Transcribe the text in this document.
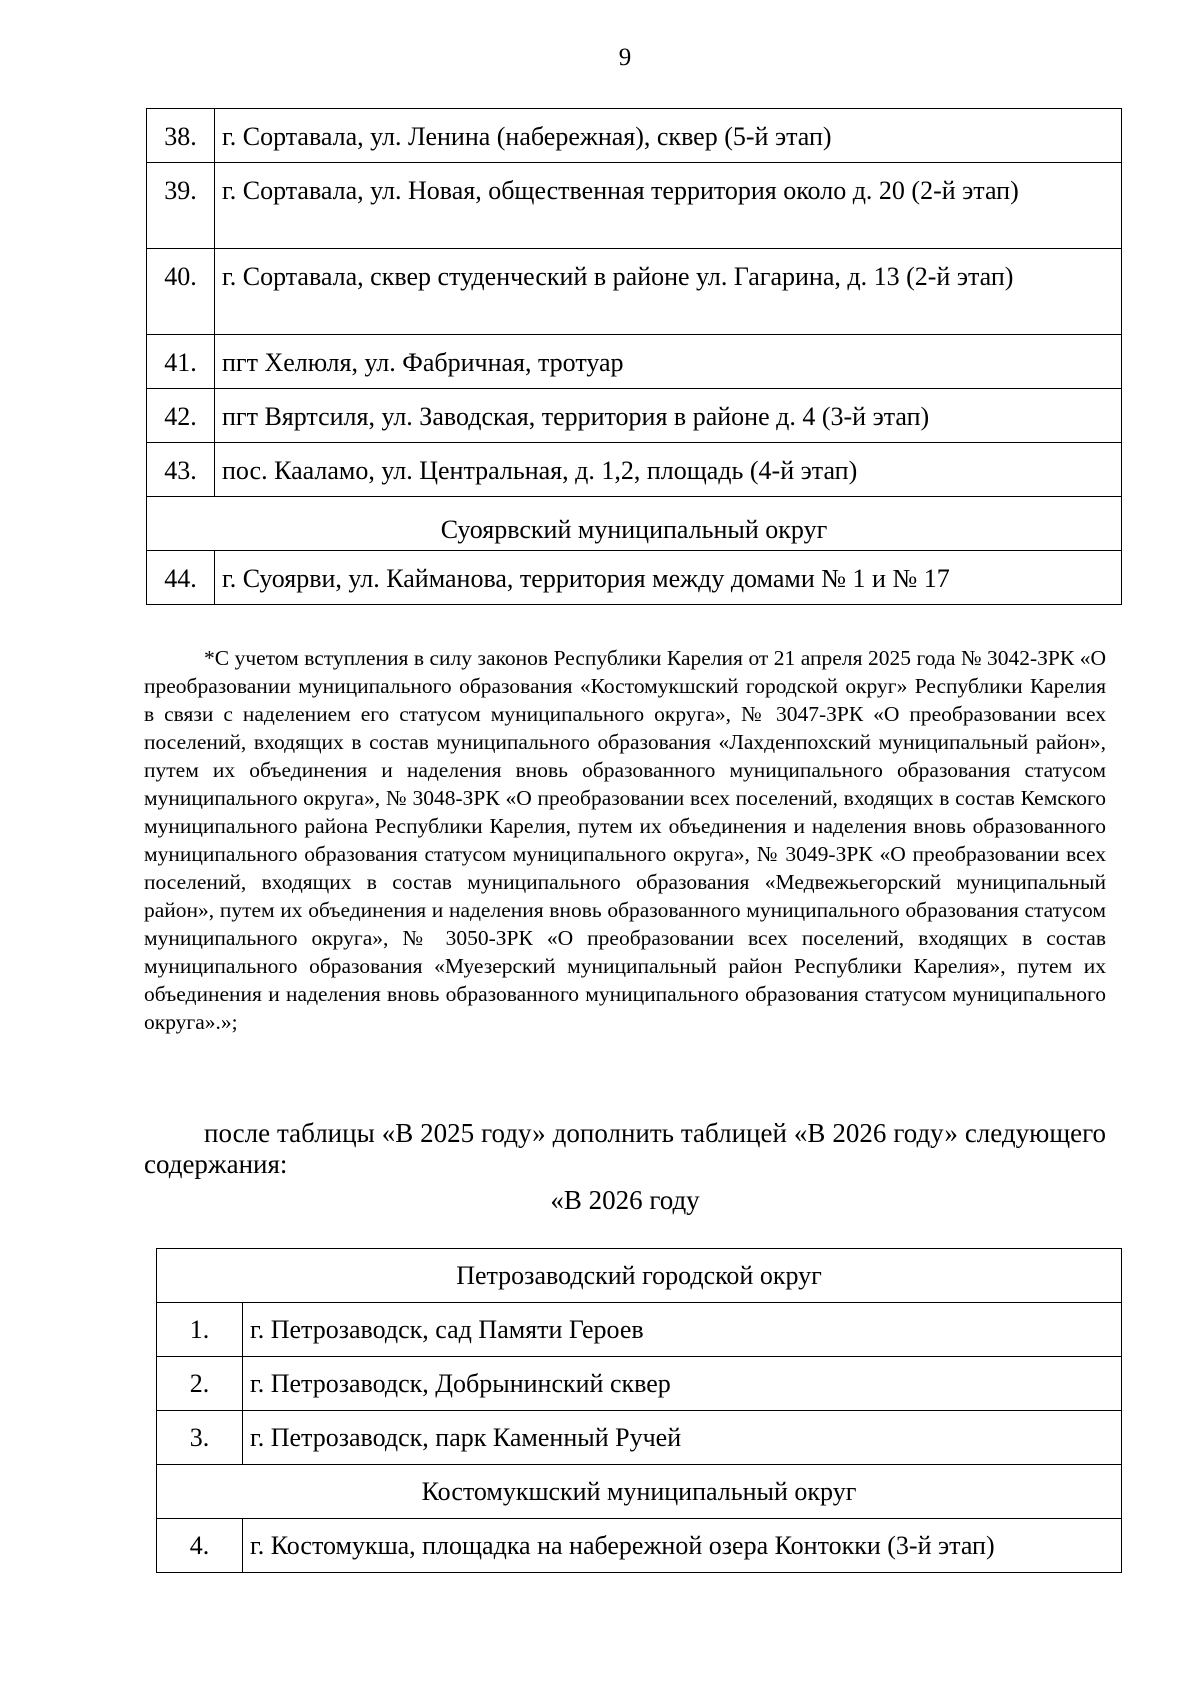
9
38.	г. Сортавала, ул. Ленина (набережная), сквер (5-й этап)
39.	г. Сортавала, ул. Новая, общественная территория около д. 20 (2-й этап)
40.	г. Сортавала, сквер студенческий в районе ул. Гагарина, д. 13 (2-й этап)
41.	пгт Хелюля, ул. Фабричная, тротуар
42.	пгт Вяртсиля, ул. Заводская, территория в районе д. 4 (3-й этап)
43.	пос. Кааламо, ул. Центральная, д. 1,2, площадь (4-й этап)
Суоярвский муниципальный округ	
44.	г. Суоярви, ул. Кайманова, территория между домами № 1 и № 17

*С учетом вступления в силу законов Республики Карелия от 21 апреля 2025 года № 3042-ЗРК «О преобразовании муниципального образования «Костомукшский городской округ» Республики Карелия в связи с наделением его статусом муниципального округа», № 3047-ЗРК «О преобразовании всех поселений, входящих в состав муниципального образования «Лахденпохский муниципальный район», путем их объединения и наделения вновь образованного муниципального образования статусом муниципального округа», № 3048-ЗРК «О преобразовании всех поселений, входящих в состав Кемского муниципального района Республики Карелия, путем их объединения и наделения вновь образованного муниципального образования статусом муниципального округа», № 3049-ЗРК «О преобразовании всех поселений, входящих в состав муниципального образования «Медвежьегорский муниципальный район», путем их объединения и наделения вновь образованного муниципального образования статусом муниципального округа», № 3050-ЗРК «О преобразовании всех поселений, входящих в состав муниципального образования «Муезерский муниципальный район Республики Карелия», путем их объединения и наделения вновь образованного муниципального образования статусом муниципального округа».»;

после таблицы «В 2025 году» дополнить таблицей «В 2026 году» следующего содержания:

«В 2026 году
Петрозаводский городской округ	
1.	г. Петрозаводск, сад Памяти Героев
2.	г. Петрозаводск, Добрынинский сквер
3.	г. Петрозаводск, парк Каменный Ручей
Костомукшский муниципальный округ	
4.	г. Костомукша, площадка на набережной озера Контокки (3-й этап)
